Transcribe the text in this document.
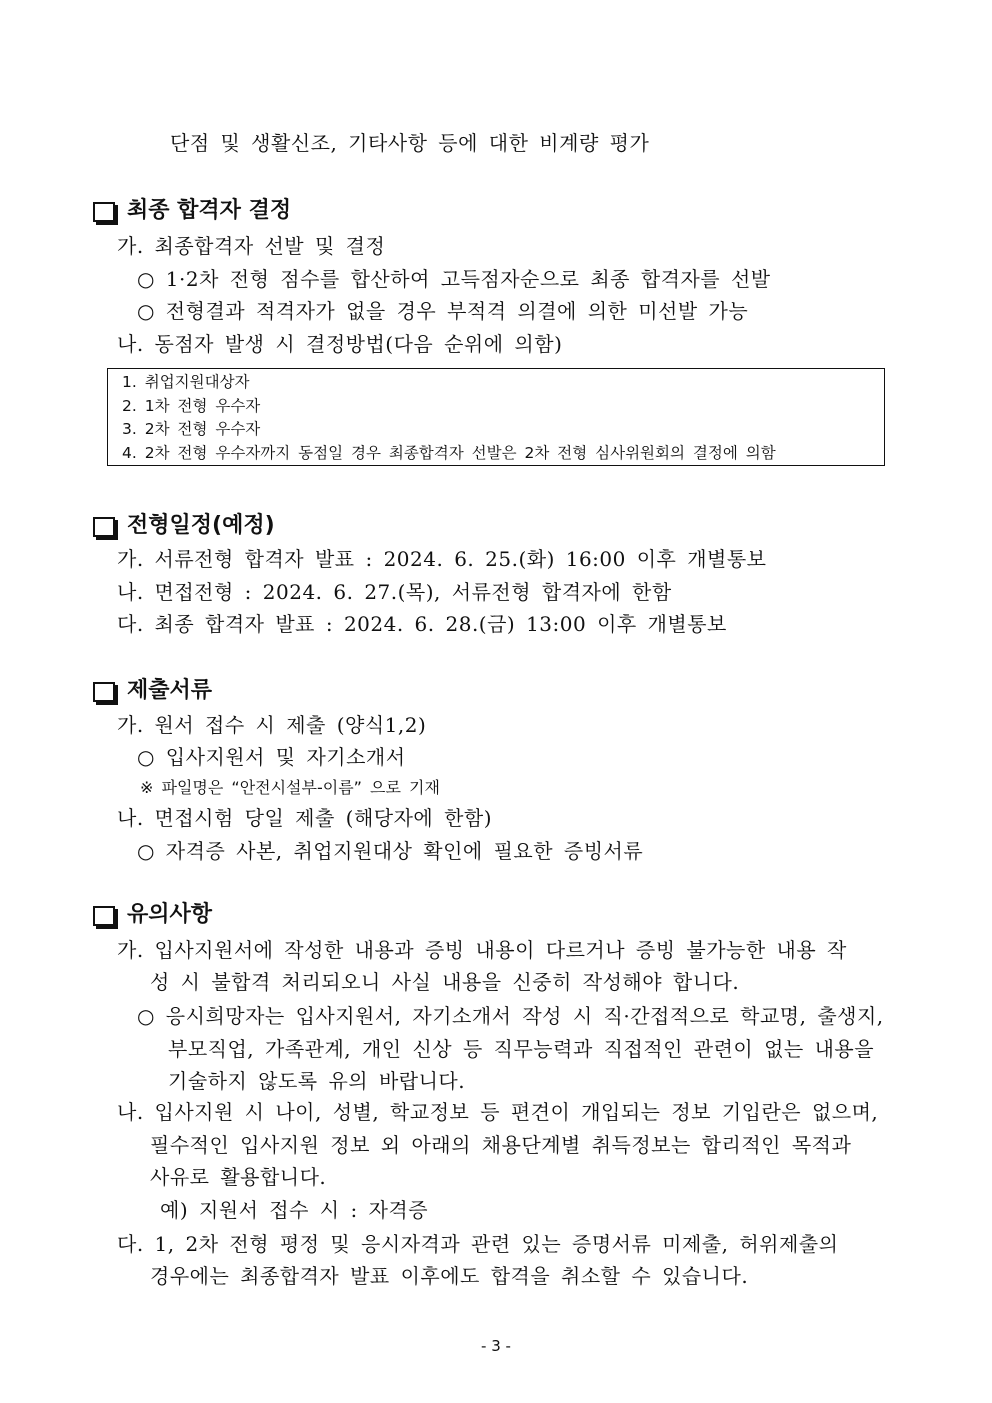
단점 및 생활신조, 기타사항 등에 대한 비계량 평가
최종 합격자 결정
가. 최종합격자 선발 및 결정
○ 1·2차 전형 점수를 합산하여 고득점자순으로 최종 합격자를 선발
○ 전형결과 적격자가 없을 경우 부적격 의결에 의한 미선발 가능
나. 동점자 발생 시 결정방법(다음 순위에 의함)
1. 취업지원대상자
2. 1차 전형 우수자
3. 2차 전형 우수자
4. 2차 전형 우수자까지 동점일 경우 최종합격자 선발은 2차 전형 심사위원회의 결정에 의함
전형일정(예정)
가. 서류전형 합격자 발표 : 2024. 6. 25.(화) 16:00 이후 개별통보
나. 면접전형 : 2024. 6. 27.(목), 서류전형 합격자에 한함
다. 최종 합격자 발표 : 2024. 6. 28.(금) 13:00 이후 개별통보
제출서류
가. 원서 접수 시 제출 (양식1,2)
○ 입사지원서 및 자기소개서
※ 파일명은 “안전시설부-이름” 으로 기재
나. 면접시험 당일 제출 (해당자에 한함)
○ 자격증 사본, 취업지원대상 확인에 필요한 증빙서류
유의사항
가. 입사지원서에 작성한 내용과 증빙 내용이 다르거나 증빙 불가능한 내용 작
성 시 불합격 처리되오니 사실 내용을 신중히 작성해야 합니다.
○ 응시희망자는 입사지원서, 자기소개서 작성 시 직·간접적으로 학교명, 출생지,
부모직업, 가족관계, 개인 신상 등 직무능력과 직접적인 관련이 없는 내용을
기술하지 않도록 유의 바랍니다.
나. 입사지원 시 나이, 성별, 학교정보 등 편견이 개입되는 정보 기입란은 없으며,
필수적인 입사지원 정보 외 아래의 채용단계별 취득정보는 합리적인 목적과
사유로 활용합니다.
예) 지원서 접수 시 : 자격증
다. 1, 2차 전형 평정 및 응시자격과 관련 있는 증명서류 미제출, 허위제출의
경우에는 최종합격자 발표 이후에도 합격을 취소할 수 있습니다.
- 3 -
